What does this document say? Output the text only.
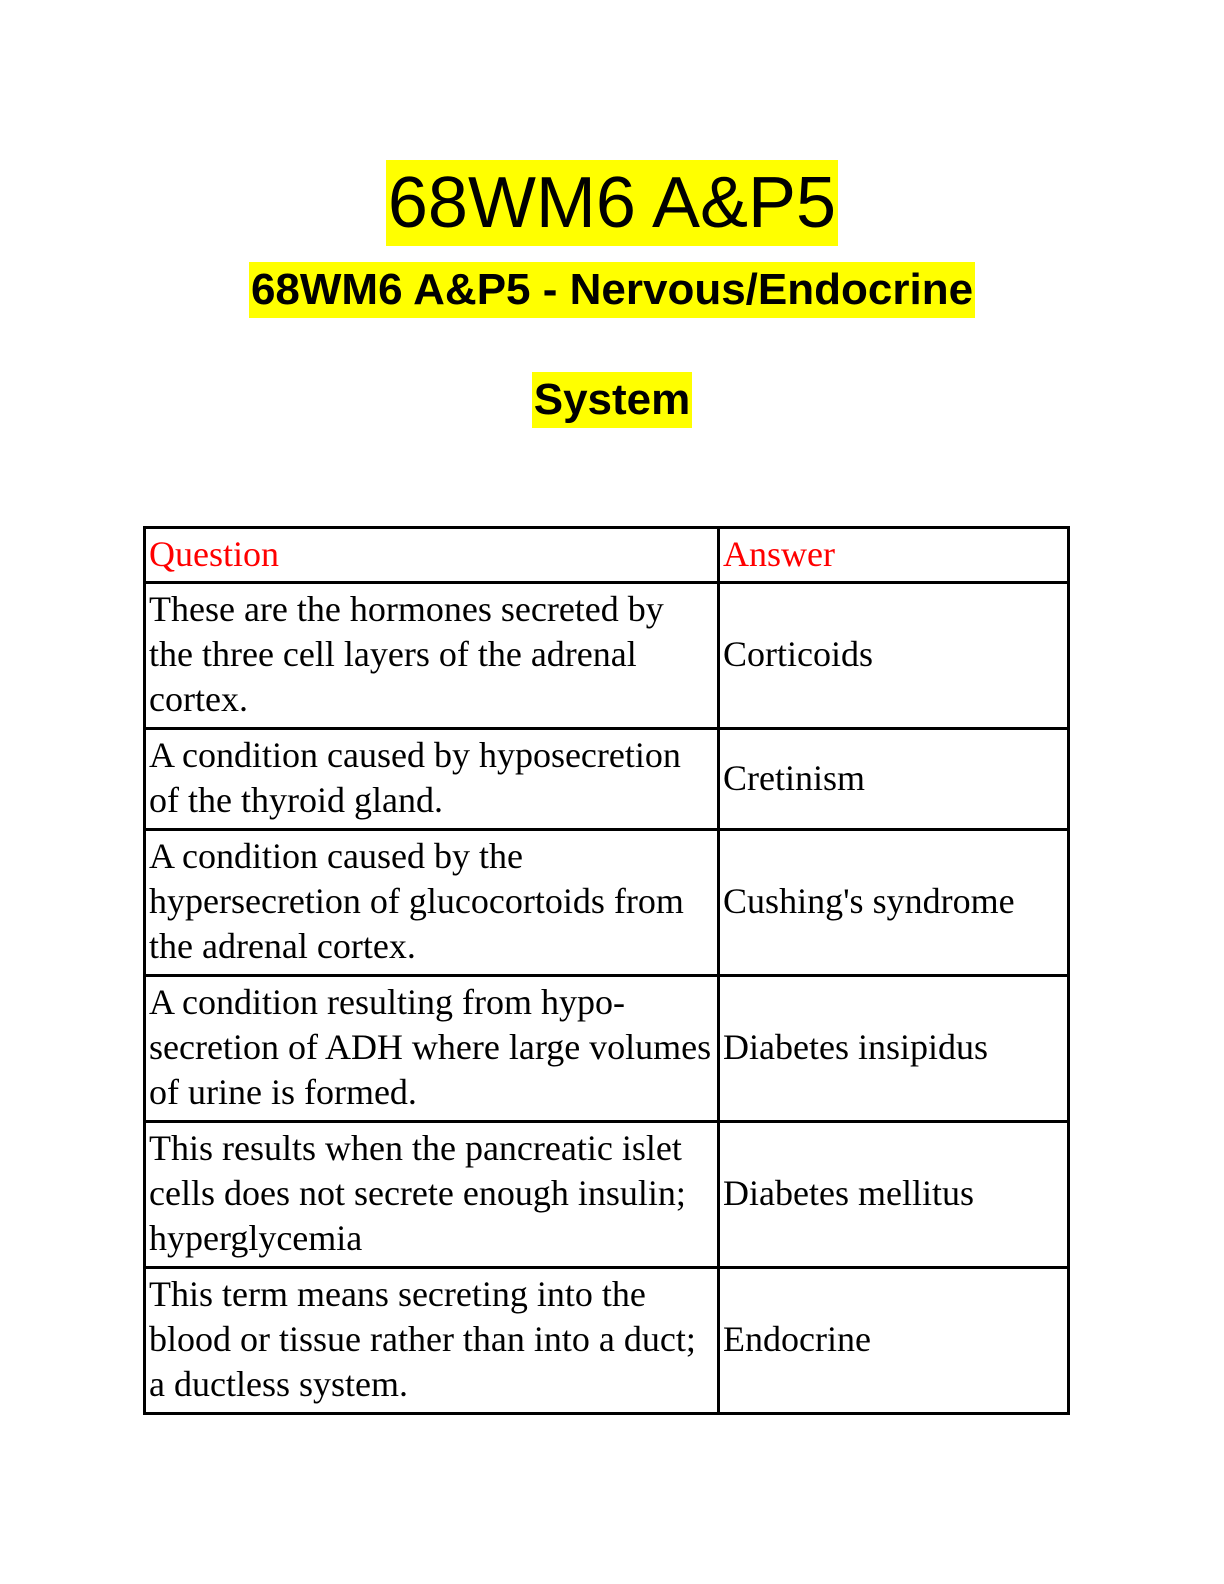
68WM6 A&P5
68WM6 A&P5 - Nervous/Endocrine
System
Question	Answer
These are the hormones secreted by the three cell layers of the adrenal cortex.	Corticoids
A condition caused by hyposecretion of the thyroid gland.	Cretinism
A condition caused by the hypersecretion of glucocortoids from the adrenal cortex.	Cushing's syndrome
A condition resulting from hypo-secretion of ADH where large volumes of urine is formed.	Diabetes insipidus
This results when the pancreatic islet cells does not secrete enough insulin; hyperglycemia	Diabetes mellitus
This term means secreting into the blood or tissue rather than into a duct; a ductless system.	Endocrine
